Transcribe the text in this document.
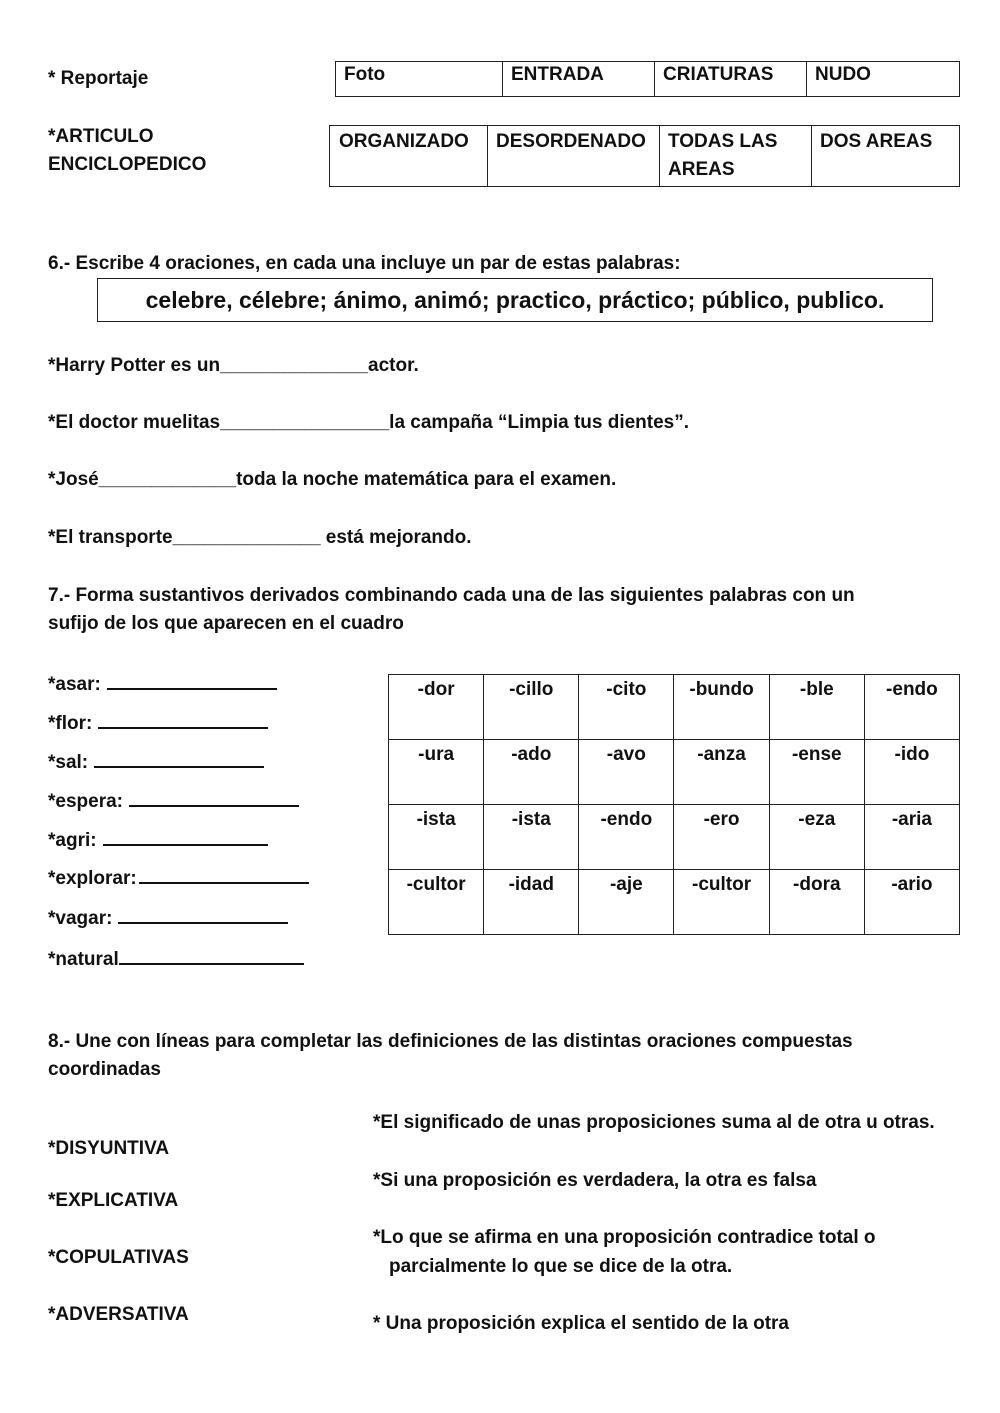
* Reportaje	Foto	ENTRADA	CRIATURAS	NUDO
*ARTICULO
ENCICLOPEDICO
ORGANIZADO	DESORDENADO	TODAS LAS AREAS	DOS AREAS
6.- Escribe 4 oraciones, en cada una incluye un par de estas palabras:
celebre, célebre; ánimo, animó; practico, práctico; público, publico.
*Harry Potter es un______________actor.
*El doctor muelitas________________la campaña “Limpia tus dientes”.
*José_____________toda la noche matemática para el examen.
*El transporte______________ está mejorando.
7.- Forma sustantivos derivados combinando cada una de las siguientes palabras con un
sufijo de los que aparecen en el cuadro
*asar:
*flor:
*sal:
*espera:
*agri:
*explorar:
*vagar:
*natural
-dor	-cillo	-cito	-bundo	-ble	-endo
-ura	-ado	-avo	-anza	-ense	-ido
-ista	-ista	-endo	-ero	-eza	-aria
-cultor	-idad	-aje	-cultor	-dora	-ario
8.- Une con líneas para completar las definiciones de las distintas oraciones compuestas
coordinadas
*DISYUNTIVA
*EXPLICATIVA
*COPULATIVAS
*ADVERSATIVA
*El significado de unas proposiciones suma al de otra u otras.
*Si una proposición es verdadera, la otra es falsa
*Lo que se afirma en una proposición contradice total o
parcialmente lo que se dice de la otra.
* Una proposición explica el sentido de la otra
